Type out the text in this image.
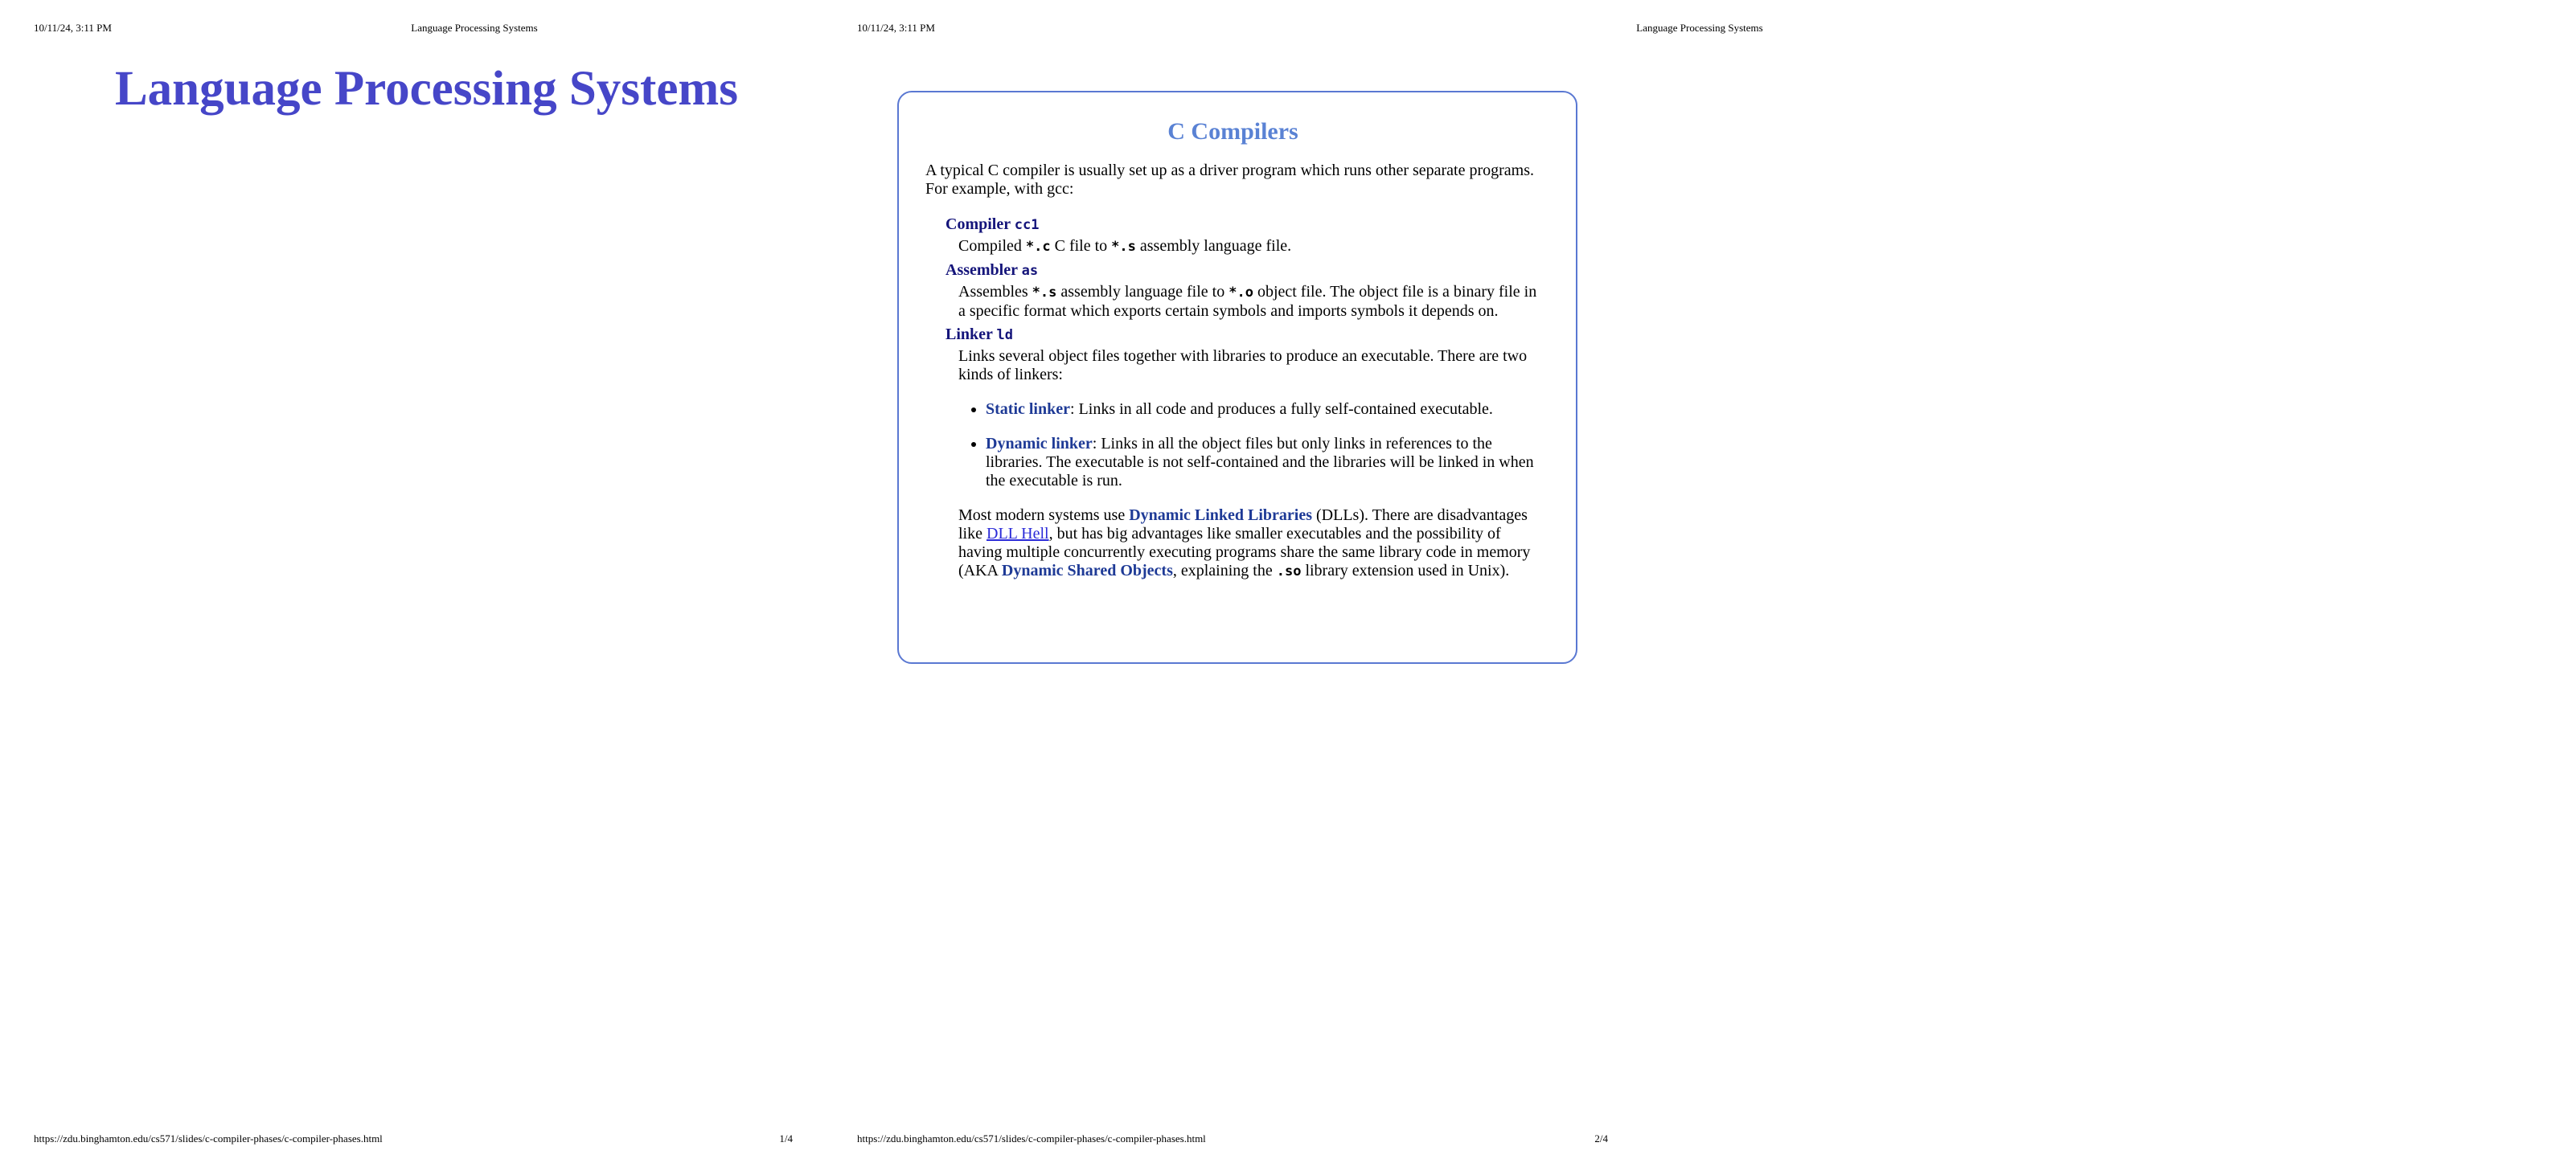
10/11/24, 3:11 PM	Language Processing Systems
Language Processing Systems
https://zdu.binghamton.edu/cs571/slides/c-compiler-phases/c-compiler-phases.html	1/4
10/11/24, 3:11 PM	Language Processing Systems
C Compilers

A typical C compiler is usually set up as a driver program which runs other separate programs. For example, with gcc:

Compiler cc1
Compiled *.c C file to *.s assembly language file.
Assembler as
Assembles *.s assembly language file to *.o object file. The object file is a binary file in a specific format which exports certain symbols and imports symbols it depends on.
Linker ld
Links several object files together with libraries to produce an executable. There are two kinds of linkers:
• Static linker: Links in all code and produces a fully self-contained executable.
• Dynamic linker: Links in all the object files but only links in references to the libraries. The executable is not self-contained and the libraries will be linked in when the executable is run.

Most modern systems use Dynamic Linked Libraries (DLLs). There are disadvantages like DLL Hell, but has big advantages like smaller executables and the possibility of having multiple concurrently executing programs share the same library code in memory (AKA Dynamic Shared Objects, explaining the .so library extension used in Unix).

https://zdu.binghamton.edu/cs571/slides/c-compiler-phases/c-compiler-phases.html	2/4
